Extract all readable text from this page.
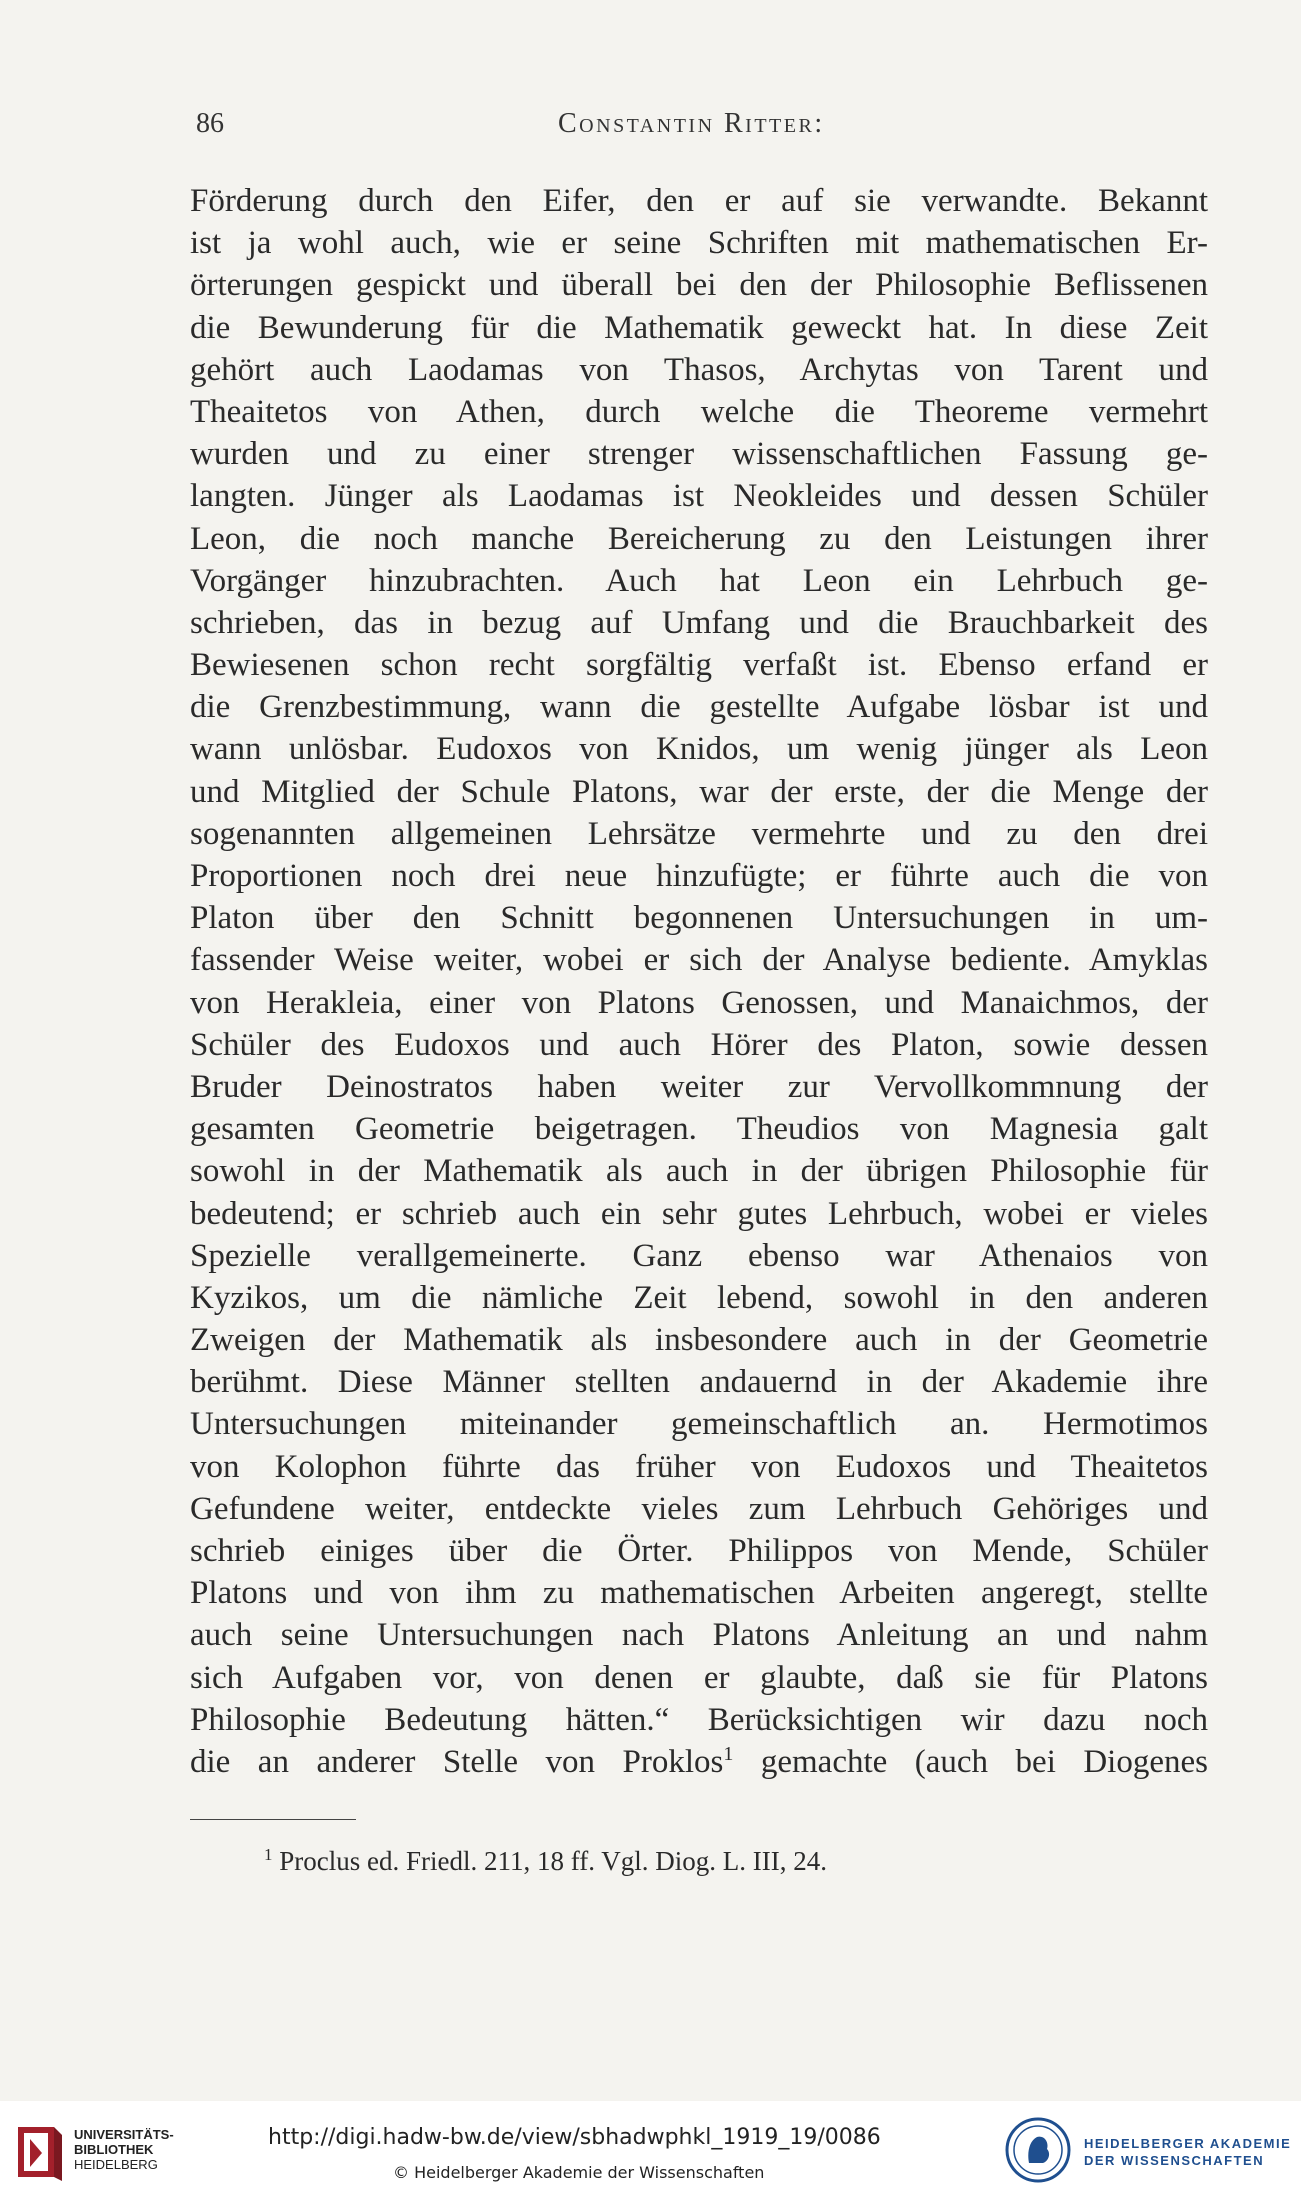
86	Constantin Ritter:
Förderung durch den Eifer, den er auf sie verwandte. Bekannt
ist ja wohl auch, wie er seine Schriften mit mathematischen Er-
örterungen gespickt und überall bei den der Philosophie Beflissenen
die Bewunderung für die Mathematik geweckt hat. In diese Zeit
gehört auch Laodamas von Thasos, Archytas von Tarent und
Theaitetos von Athen, durch welche die Theoreme vermehrt
wurden und zu einer strenger wissenschaftlichen Fassung ge-
langten. Jünger als Laodamas ist Neokleides und dessen Schüler
Leon, die noch manche Bereicherung zu den Leistungen ihrer
Vorgänger hinzubrachten. Auch hat Leon ein Lehrbuch ge-
schrieben, das in bezug auf Umfang und die Brauchbarkeit des
Bewiesenen schon recht sorgfältig verfaßt ist. Ebenso erfand er
die Grenzbestimmung, wann die gestellte Aufgabe lösbar ist und
wann unlösbar. Eudoxos von Knidos, um wenig jünger als Leon
und Mitglied der Schule Platons, war der erste, der die Menge der
sogenannten allgemeinen Lehrsätze vermehrte und zu den drei
Proportionen noch drei neue hinzufügte; er führte auch die von
Platon über den Schnitt begonnenen Untersuchungen in um-
fassender Weise weiter, wobei er sich der Analyse bediente. Amyklas
von Herakleia, einer von Platons Genossen, und Manaichmos, der
Schüler des Eudoxos und auch Hörer des Platon, sowie dessen
Bruder Deinostratos haben weiter zur Vervollkommnung der
gesamten Geometrie beigetragen. Theudios von Magnesia galt
sowohl in der Mathematik als auch in der übrigen Philosophie für
bedeutend; er schrieb auch ein sehr gutes Lehrbuch, wobei er vieles
Spezielle verallgemeinerte. Ganz ebenso war Athenaios von
Kyzikos, um die nämliche Zeit lebend, sowohl in den anderen
Zweigen der Mathematik als insbesondere auch in der Geometrie
berühmt. Diese Männer stellten andauernd in der Akademie ihre
Untersuchungen miteinander gemeinschaftlich an. Hermotimos
von Kolophon führte das früher von Eudoxos und Theaitetos
Gefundene weiter, entdeckte vieles zum Lehrbuch Gehöriges und
schrieb einiges über die Örter. Philippos von Mende, Schüler
Platons und von ihm zu mathematischen Arbeiten angeregt, stellte
auch seine Untersuchungen nach Platons Anleitung an und nahm
sich Aufgaben vor, von denen er glaubte, daß sie für Platons
Philosophie Bedeutung hätten.“ Berücksichtigen wir dazu noch
die an anderer Stelle von Proklos$^1$ gemachte (auch bei Diogenes
$^1$ Proclus ed. Friedl. 211, 18 ff. Vgl. Diog. L. III, 24.
UNIVERSITÄTS-
BIBLIOTHEK
HEIDELBERG
http://digi.hadw-bw.de/view/sbhadwphkl_1919_19/0086
© Heidelberger Akademie der Wissenschaften
HEIDELBERGER AKADEMIE
DER WISSENSCHAFTEN
